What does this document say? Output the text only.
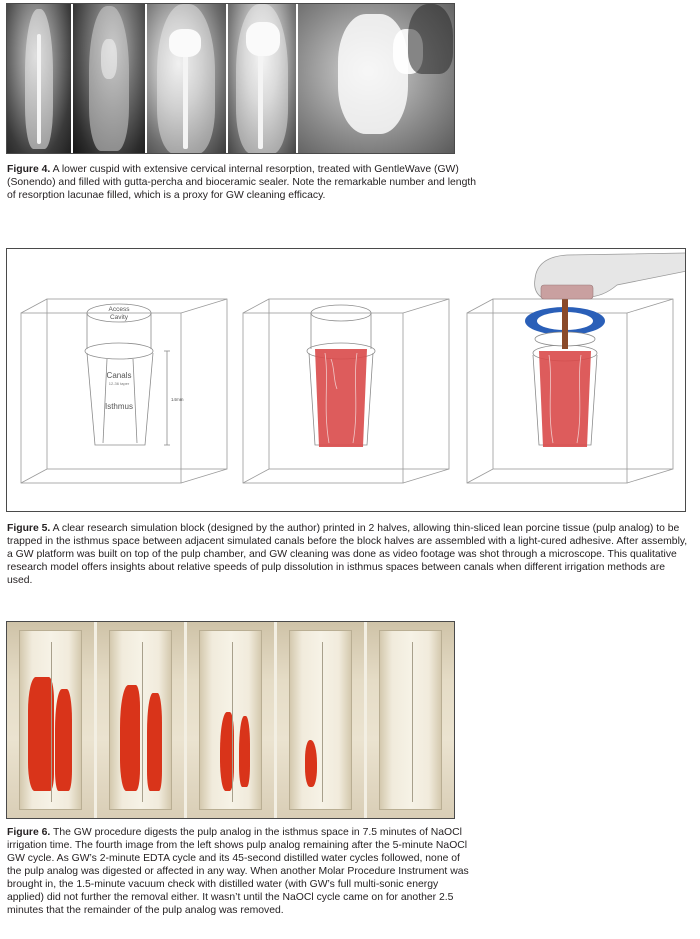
Figure 4. A lower cuspid with extensive cervical internal resorption, treated with GentleWave (GW) (Sonendo) and filled with gutta-percha and bioceramic sealer. Note the remarkable number and length of resorption lacunae filled, which is a proxy for GW cleaning efficacy.

Access
Cavity
Canals
12-36 taper
Isthmus
14mm

Figure 5. A clear research simulation block (designed by the author) printed in 2 halves, allowing thin-sliced lean porcine tissue (pulp analog) to be trapped in the isthmus space between adjacent simulated canals before the block halves are assembled with a light-cured adhesive. After assembly, a GW platform was built on top of the pulp chamber, and GW cleaning was done as video footage was shot through a microscope. This qualitative research model offers insights about relative speeds of pulp dissolution in isthmus spaces between canals when different irrigation methods are used.

Figure 6. The GW procedure digests the pulp analog in the isthmus space in 7.5 minutes of NaOCl irrigation time. The fourth image from the left shows pulp analog remaining after the 5-minute NaOCl GW cycle. As GW’s 2-minute EDTA cycle and its 45-second distilled water cycles followed, none of the pulp analog was digested or affected in any way. When another Molar Procedure Instrument was brought in, the 1.5-minute vacuum check with distilled water (with GW’s full multi-sonic energy applied) did not further the removal either. It wasn’t until the NaOCl cycle came on for another 2.5 minutes that the remainder of the pulp analog was removed.
